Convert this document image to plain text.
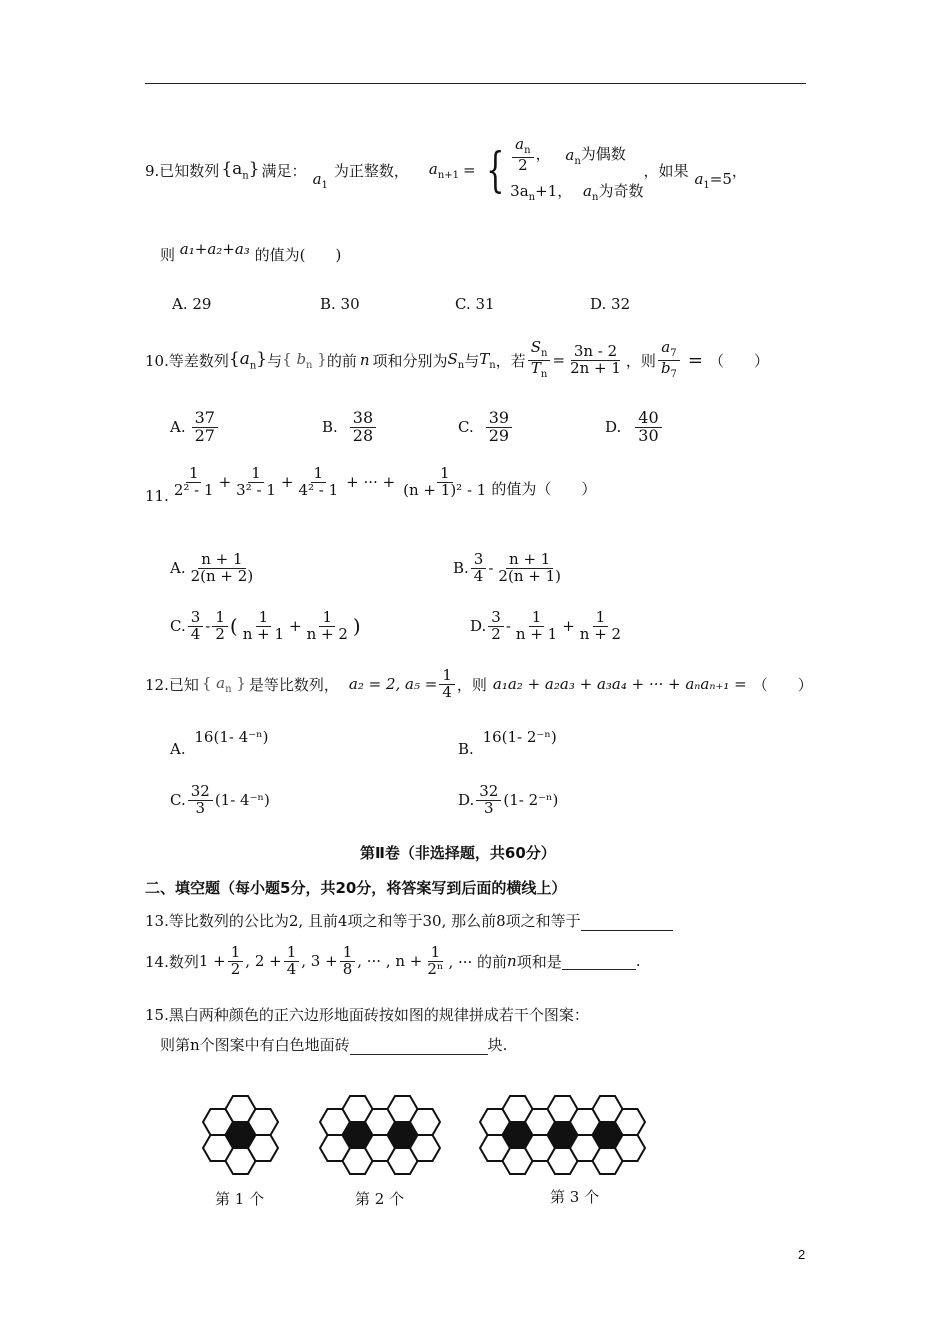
9.已知数列 $\{a_n\}$ 满足： $a_1$
为正整数， $a_{n+1}$ = { $\frac{a_n}{2}$ ， $a_n$为偶数
$3a_n+1$， $a_n$为奇数
，如果 $a_1=5$ ，
则 a₁+a₂+a₃ 的值为(　　)
A. 29	B. 30	C. 31	D. 32
10.等差数列 $\{a_n\}$ 与 { $b_n$ } 的前 n 项和分别为 $S_n$ 与 $T_n$ ，若 $\frac{S_n}{T_n} = \frac{3n - 2}{2n + 1}$ ，则 $\frac{a_7}{b_7}$ = （　　）
A. $\frac{37}{27}$	B. $\frac{38}{28}$	C. $\frac{39}{29}$	D. $\frac{40}{30}$
11. $\frac{1}{\text{2² - 1}} + \frac{1}{\text{3² - 1}} + \frac{1}{\text{4² - 1}}$ + ··· + $\frac{1}{\text{(n + 1)² - 1}}$ 的值为（　　）
A. $\frac{n + 1}{2(n + 2)}$	B. $\frac{3}{4} - \frac{n + 1}{2(n + 1)}$
C. $\frac{3}{4} - \frac{1}{2}$ ( $\frac{1}{n + 1} + \frac{1}{n + 2}$ )	D. $\frac{3}{2} - \frac{1}{n + 1} + \frac{1}{n + 2}$
12.已知 { $a_n$ } 是等比数列， a₂ = 2, $a_5 = \frac{1}{4}$ ，则 a₁a₂ + a₂a₃ + a₃a₄ + ··· + aₙaₙ₊₁ = （　　）
A. 16(1- 4⁻ⁿ)
B. 16(1- 2⁻ⁿ)
C. $\frac{32}{3} (1-$ 4⁻ⁿ)	D. $\frac{32}{3} (1-$ 2⁻ⁿ)
第Ⅱ卷（非选择题，共60分）
二、填空题（每小题5分，共20分，将答案写到后面的横线上）
13.等比数列的公比为2, 且前4项之和等于30, 那么前8项之和等于
14.数列 $1 + \frac{1}{2}$ , $2 + \frac{1}{4}$ , $3 + \frac{1}{8}$ , ··· , $n + \frac{1}{\text{2ⁿ}}$ , ··· 的前 n 项和是	.
15.黑白两种颜色的正六边形地面砖按如图的规律拼成若干个图案：
则第n个图案中有白色地面砖	块.
第 1 个	第 2 个	第 3 个
2
